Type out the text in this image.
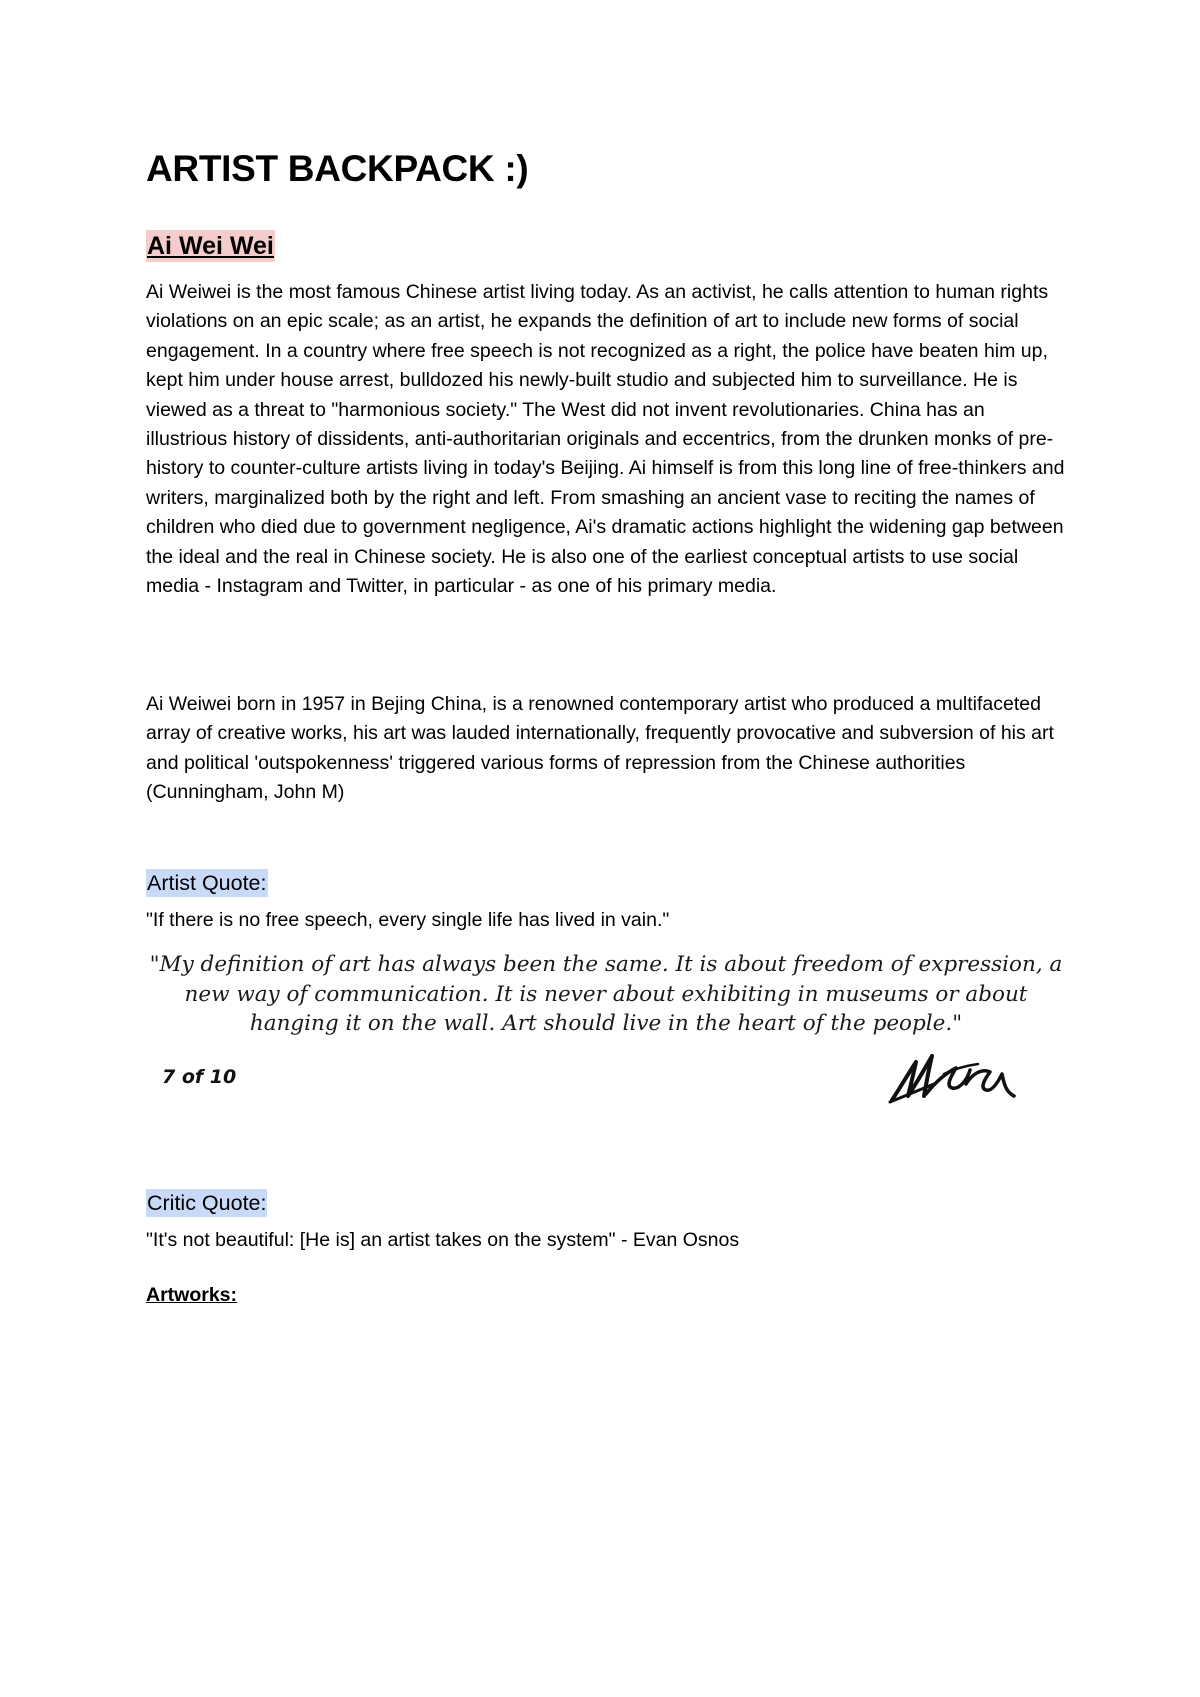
ARTIST BACKPACK :)
Ai Wei Wei

Ai Weiwei is the most famous Chinese artist living today. As an activist, he calls attention to human rights violations on an epic scale; as an artist, he expands the definition of art to include new forms of social engagement. In a country where free speech is not recognized as a right, the police have beaten him up, kept him under house arrest, bulldozed his newly-built studio and subjected him to surveillance. He is viewed as a threat to "harmonious society." The West did not invent revolutionaries. China has an illustrious history of dissidents, anti-authoritarian originals and eccentrics, from the drunken monks of pre-history to counter-culture artists living in today's Beijing. Ai himself is from this long line of free-thinkers and writers, marginalized both by the right and left. From smashing an ancient vase to reciting the names of children who died due to government negligence, Ai's dramatic actions highlight the widening gap between the ideal and the real in Chinese society. He is also one of the earliest conceptual artists to use social media - Instagram and Twitter, in particular - as one of his primary media.

Ai Weiwei born in 1957 in Bejing China, is a renowned contemporary artist who produced a multifaceted array of creative works, his art was lauded internationally, frequently provocative and subversion of his art and political 'outspokenness' triggered various forms of repression from the Chinese authorities (Cunningham, John M)

Artist Quote:

"If there is no free speech, every single life has lived in vain."

"My definition of art has always been the same. It is about freedom of expression, a new way of communication. It is never about exhibiting in museums or about hanging it on the wall. Art should live in the heart of the people."

7 of 10

Critic Quote:

"It's not beautiful: [He is] an artist takes on the system" - Evan Osnos

Artworks:
